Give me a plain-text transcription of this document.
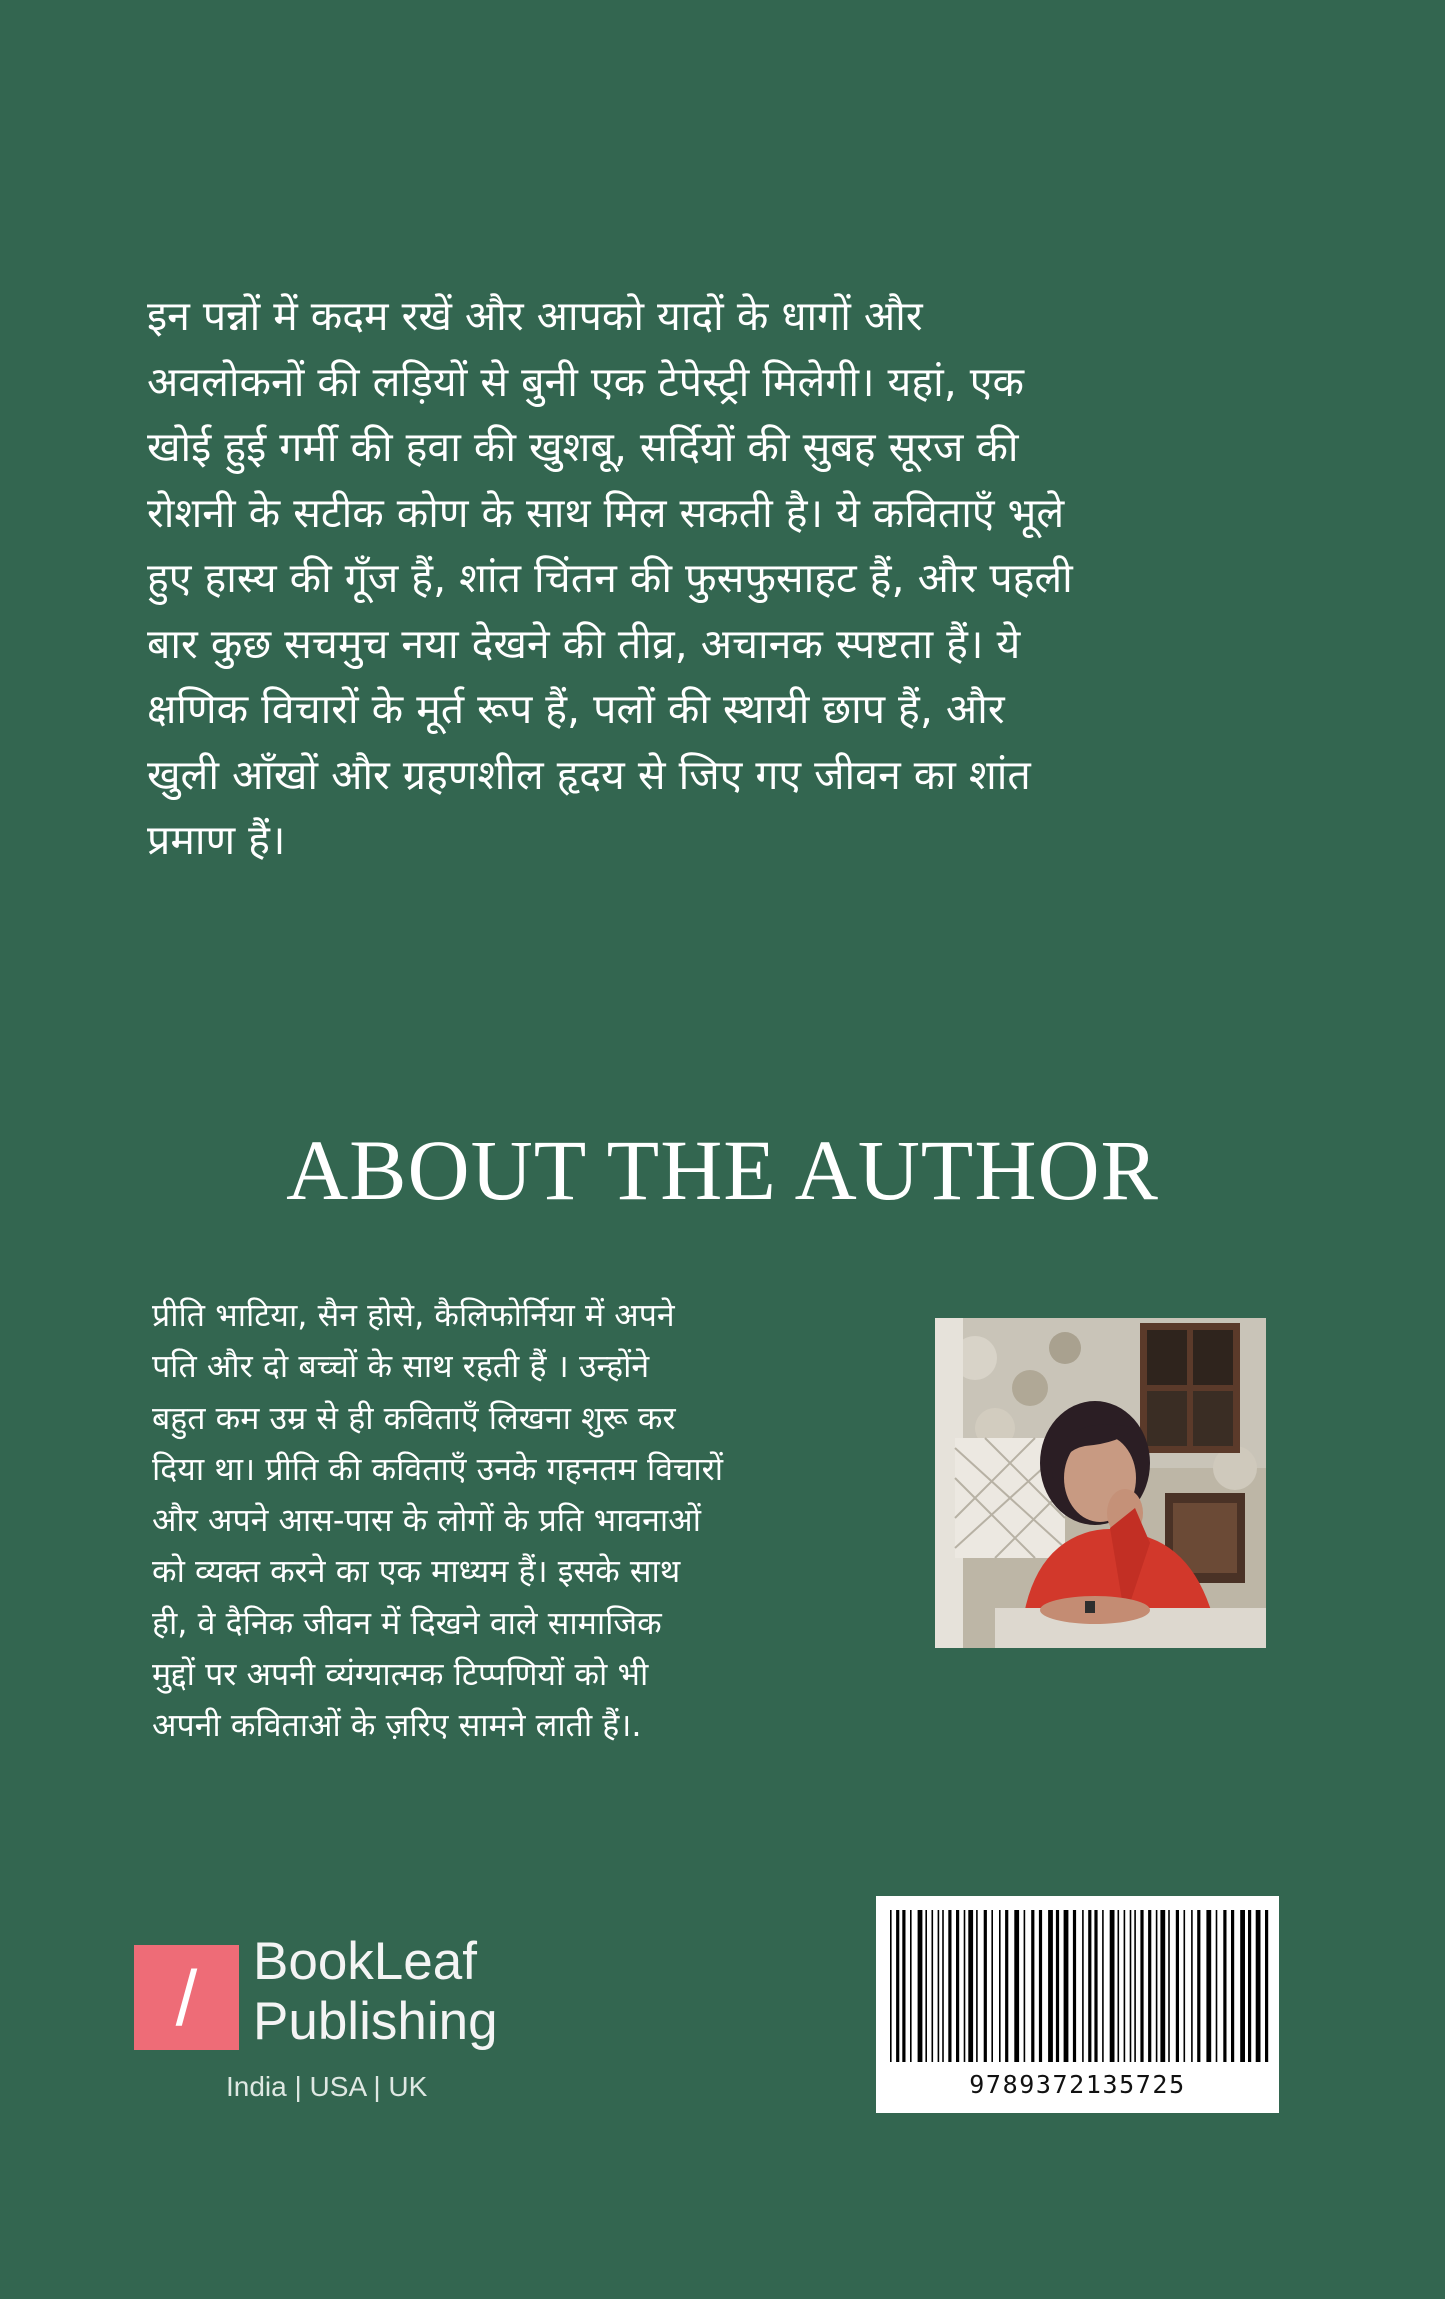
इन पन्नों में कदम रखें और आपको यादों के धागों और
अवलोकनों की लड़ियों से बुनी एक टेपेस्ट्री मिलेगी। यहां, एक
खोई हुई गर्मी की हवा की खुशबू, सर्दियों की सुबह सूरज की
रोशनी के सटीक कोण के साथ मिल सकती है। ये कविताएँ भूले
हुए हास्य की गूँज हैं, शांत चिंतन की फुसफुसाहट हैं, और पहली
बार कुछ सचमुच नया देखने की तीव्र, अचानक स्पष्टता हैं। ये
क्षणिक विचारों के मूर्त रूप हैं, पलों की स्थायी छाप हैं, और
खुली आँखों और ग्रहणशील हृदय से जिए गए जीवन का शांत
प्रमाण हैं।
ABOUT THE AUTHOR
प्रीति भाटिया, सैन होसे, कैलिफोर्निया में अपने
पति और दो बच्चों के साथ रहती हैं । उन्होंने
बहुत कम उम्र से ही कविताएँ लिखना शुरू कर
दिया था। प्रीति की कविताएँ उनके गहनतम विचारों
और अपने आस-पास के लोगों के प्रति भावनाओं
को व्यक्त करने का एक माध्यम हैं। इसके साथ
ही, वे दैनिक जीवन में दिखने वाले सामाजिक
मुद्दों पर अपनी व्यंग्यात्मक टिप्पणियों को भी
अपनी कविताओं के ज़रिए सामने लाती हैं।.
/ BookLeaf
Publishing
India | USA | UK	9789372135725
